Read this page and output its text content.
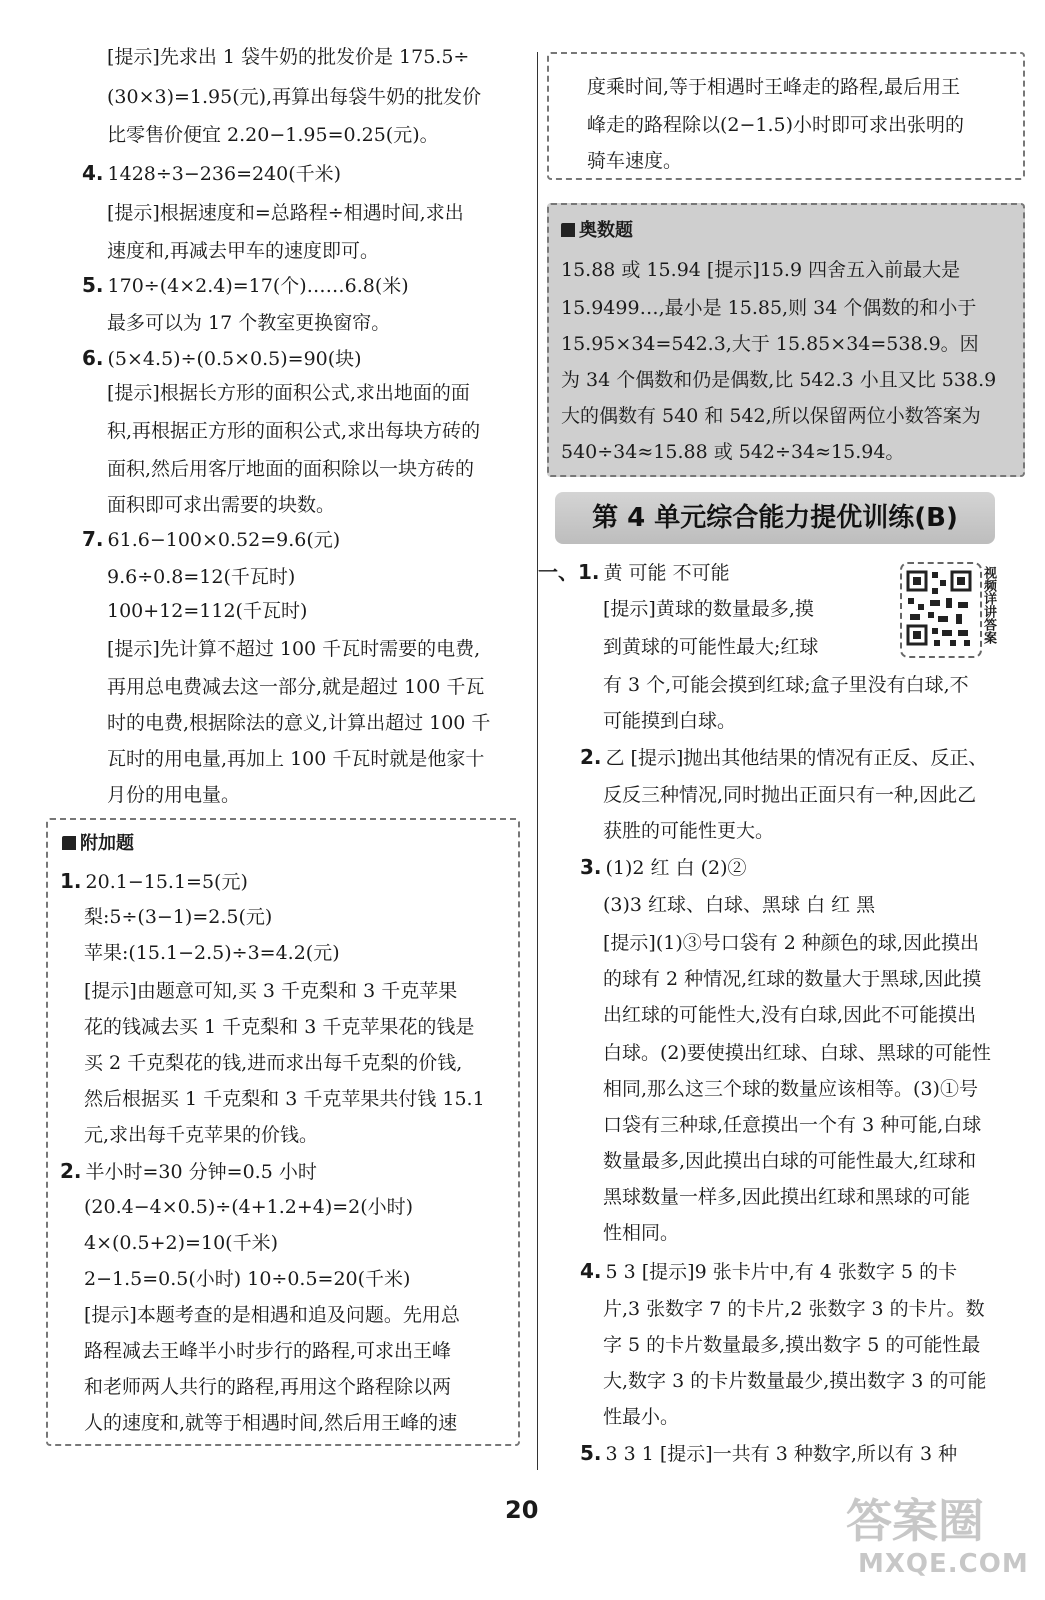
[提示]先求出 1 袋牛奶的批发价是 175.5÷
(30×3)=1.95(元),再算出每袋牛奶的批发价
比零售价便宜 2.20−1.95=0.25(元)。
4. 1428÷3−236=240(千米)
[提示]根据速度和=总路程÷相遇时间,求出
速度和,再减去甲车的速度即可。
5. 170÷(4×2.4)=17(个)……6.8(米)
最多可以为 17 个教室更换窗帘。
6. (5×4.5)÷(0.5×0.5)=90(块)
[提示]根据长方形的面积公式,求出地面的面
积,再根据正方形的面积公式,求出每块方砖的
面积,然后用客厅地面的面积除以一块方砖的
面积即可求出需要的块数。
7. 61.6−100×0.52=9.6(元)
9.6÷0.8=12(千瓦时)
100+12=112(千瓦时)
[提示]先计算不超过 100 千瓦时需要的电费,
再用总电费减去这一部分,就是超过 100 千瓦
时的电费,根据除法的意义,计算出超过 100 千
瓦时的用电量,再加上 100 千瓦时就是他家十
月份的用电量。
附加题
1. 20.1−15.1=5(元)
梨:5÷(3−1)=2.5(元)
苹果:(15.1−2.5)÷3=4.2(元)
[提示]由题意可知,买 3 千克梨和 3 千克苹果
花的钱减去买 1 千克梨和 3 千克苹果花的钱是
买 2 千克梨花的钱,进而求出每千克梨的价钱,
然后根据买 1 千克梨和 3 千克苹果共付钱 15.1
元,求出每千克苹果的价钱。
2. 半小时=30 分钟=0.5 小时
(20.4−4×0.5)÷(4+1.2+4)=2(小时)
4×(0.5+2)=10(千米)
2−1.5=0.5(小时) 10÷0.5=20(千米)
[提示]本题考查的是相遇和追及问题。先用总
路程减去王峰半小时步行的路程,可求出王峰
和老师两人共行的路程,再用这个路程除以两
人的速度和,就等于相遇时间,然后用王峰的速
度乘时间,等于相遇时王峰走的路程,最后用王
峰走的路程除以(2−1.5)小时即可求出张明的
骑车速度。
奥数题
15.88 或 15.94 [提示]15.9 四舍五入前最大是
15.9499…,最小是 15.85,则 34 个偶数的和小于
15.95×34=542.3,大于 15.85×34=538.9。因
为 34 个偶数和仍是偶数,比 542.3 小且又比 538.9
大的偶数有 540 和 542,所以保留两位小数答案为
540÷34≈15.88 或 542÷34≈15.94。
第 4 单元综合能力提优训练(B)
视频详讲答案
一、1. 黄 可能 不可能
[提示]黄球的数量最多,摸
到黄球的可能性最大;红球
有 3 个,可能会摸到红球;盒子里没有白球,不
可能摸到白球。
2. 乙 [提示]抛出其他结果的情况有正反、反正、
反反三种情况,同时抛出正面只有一种,因此乙
获胜的可能性更大。
3. (1)2 红 白 (2)②
(3)3 红球、白球、黑球 白 红 黑
[提示](1)③号口袋有 2 种颜色的球,因此摸出
的球有 2 种情况,红球的数量大于黑球,因此摸
出红球的可能性大,没有白球,因此不可能摸出
白球。(2)要使摸出红球、白球、黑球的可能性
相同,那么这三个球的数量应该相等。(3)①号
口袋有三种球,任意摸出一个有 3 种可能,白球
数量最多,因此摸出白球的可能性最大,红球和
黑球数量一样多,因此摸出红球和黑球的可能
性相同。
4. 5 3 [提示]9 张卡片中,有 4 张数字 5 的卡
片,3 张数字 7 的卡片,2 张数字 3 的卡片。数
字 5 的卡片数量最多,摸出数字 5 的可能性最
大,数字 3 的卡片数量最少,摸出数字 3 的可能
性最小。
5. 3 3 1 [提示]一共有 3 种数字,所以有 3 种
20	答案圈
MXQE.COM
